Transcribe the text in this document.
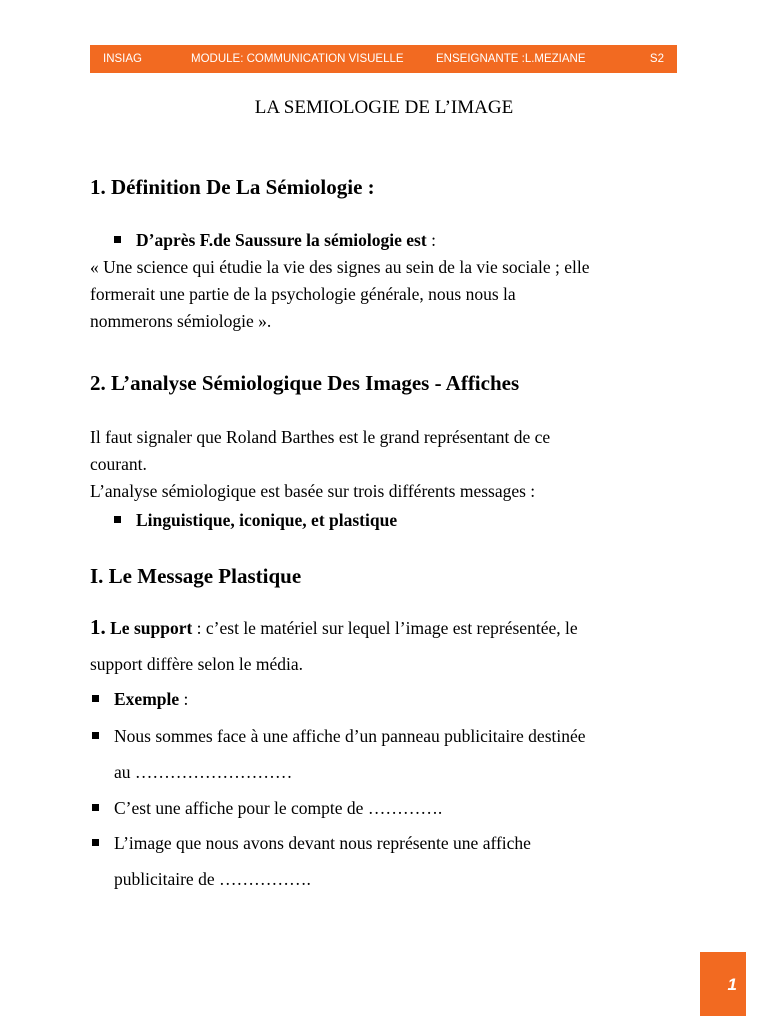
INSIAG	MODULE: COMMUNICATION VISUELLE	ENSEIGNANTE :L.MEZIANE	S2
LA SEMIOLOGIE DE L’IMAGE
1. Définition De La Sémiologie :
D’après F.de Saussure la sémiologie est :
« Une science qui étudie la vie des signes au sein de la vie sociale ; elle
formerait une partie de la psychologie générale, nous nous la
nommerons sémiologie ».
2. L’analyse Sémiologique Des Images - Affiches
Il faut signaler que Roland Barthes est le grand représentant de ce
courant.
L’analyse sémiologique est basée sur trois différents messages :
Linguistique, iconique, et plastique
I. Le Message Plastique
1. Le support : c’est le matériel sur lequel l’image est représentée, le
support diffère selon le média.
Exemple :
Nous sommes face à une affiche d’un panneau publicitaire destinée
au ………………………
C’est une affiche pour le compte de ………….
L’image que nous avons devant nous représente une affiche
publicitaire de …………….
1
